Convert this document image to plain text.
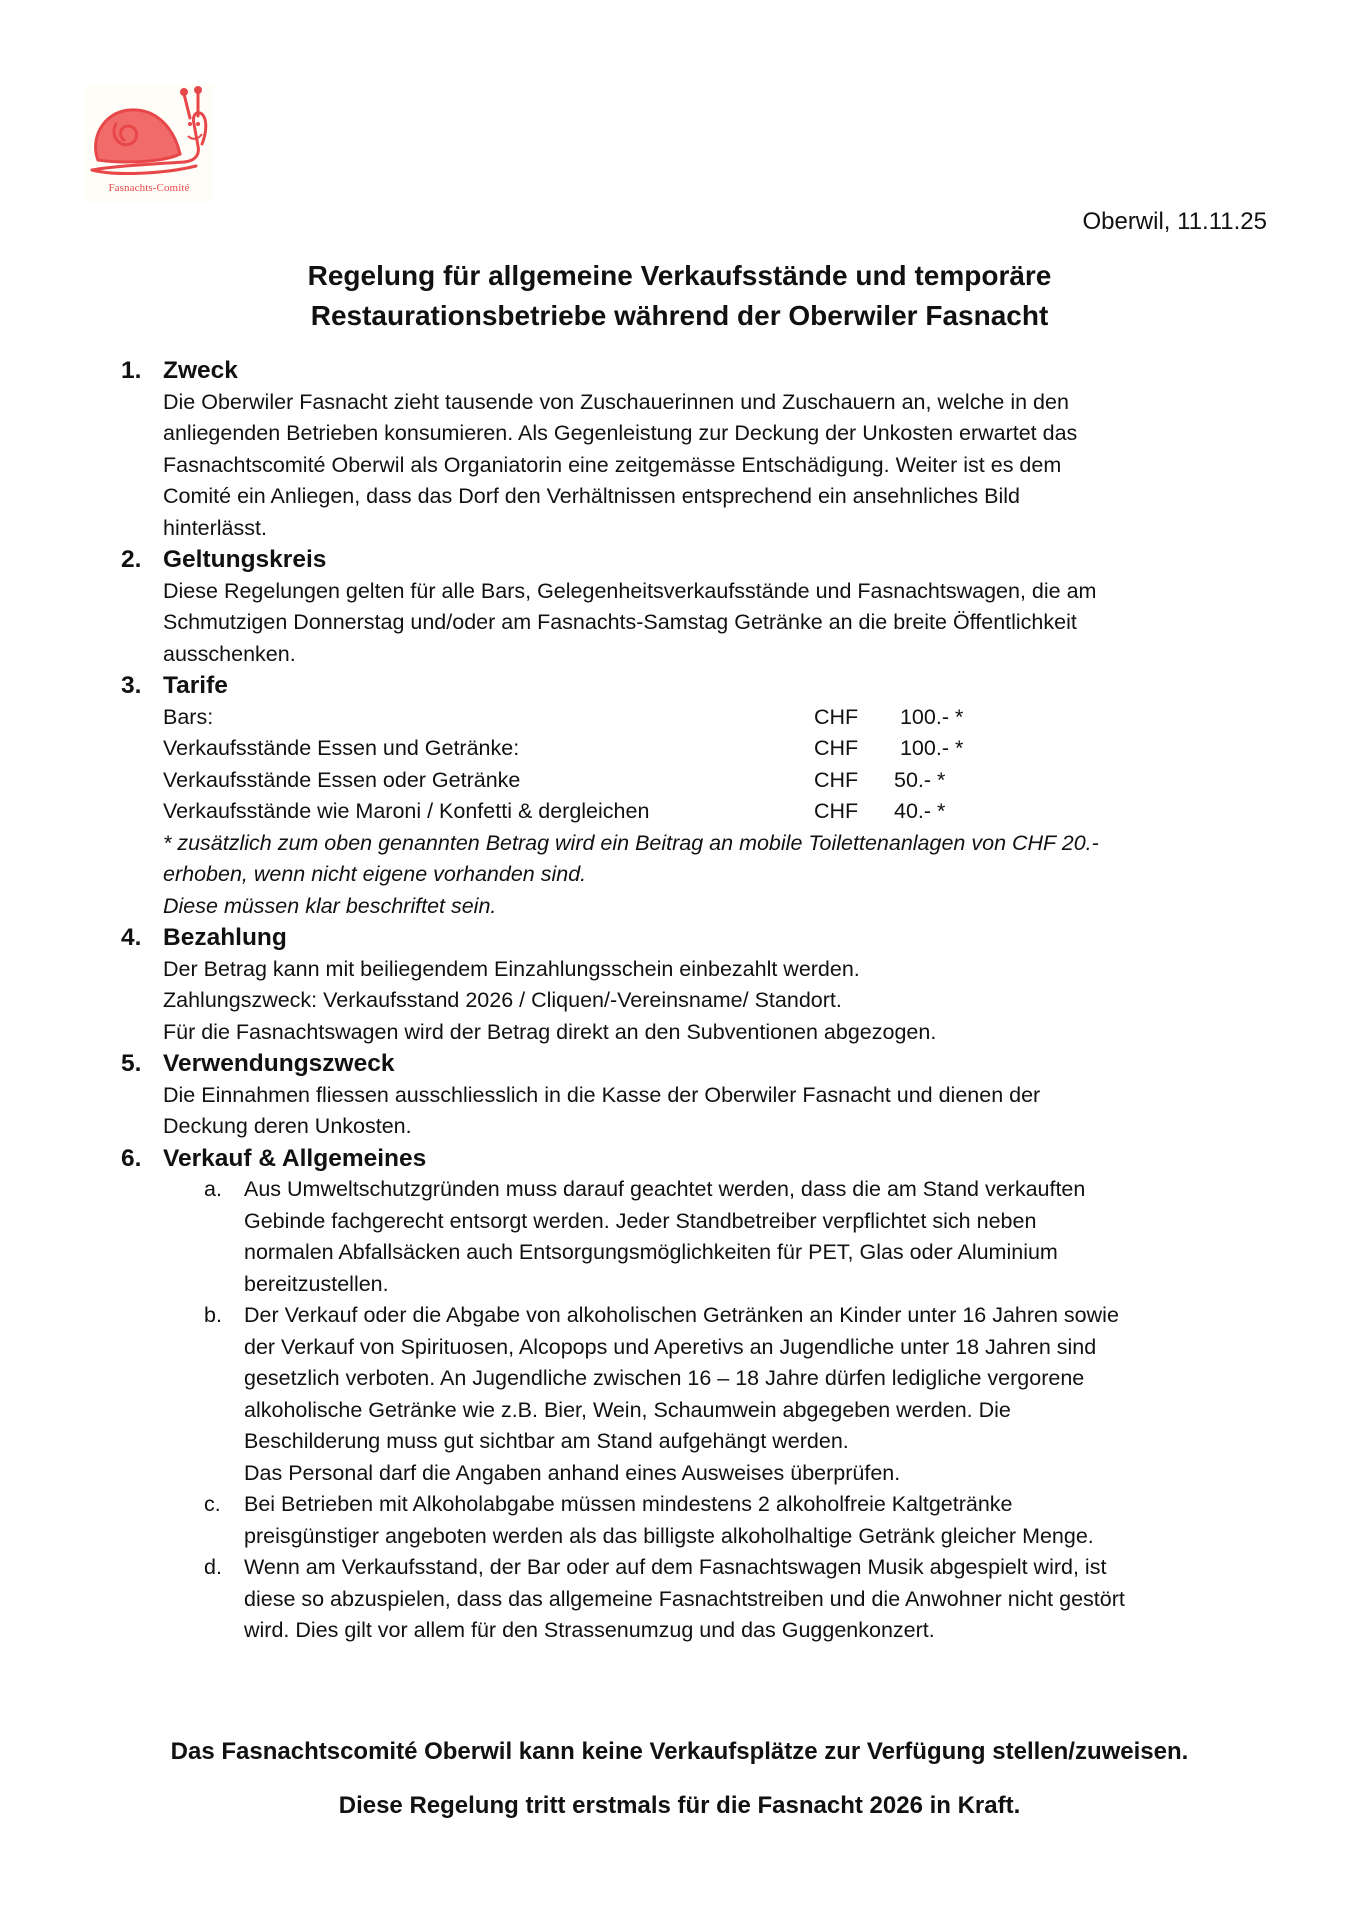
Fasnachts-Comité
Oberwil, 11.11.25
Regelung für allgemeine Verkaufsstände und temporäre
Restaurationsbetriebe während der Oberwiler Fasnacht
1. Zweck
Die Oberwiler Fasnacht zieht tausende von Zuschauerinnen und Zuschauern an, welche in den
anliegenden Betrieben konsumieren. Als Gegenleistung zur Deckung der Unkosten erwartet das
Fasnachtscomité Oberwil als Organiatorin eine zeitgemässe Entschädigung. Weiter ist es dem
Comité ein Anliegen, dass das Dorf den Verhältnissen entsprechend ein ansehnliches Bild
hinterlässt.
2. Geltungskreis
Diese Regelungen gelten für alle Bars, Gelegenheitsverkaufsstände und Fasnachtswagen, die am
Schmutzigen Donnerstag und/oder am Fasnachts-Samstag Getränke an die breite Öffentlichkeit
ausschenken.
3. Tarife
Bars:	CHF	100.- *
Verkaufsstände Essen und Getränke:	CHF	100.- *
Verkaufsstände Essen oder Getränke	CHF	50.- *
Verkaufsstände wie Maroni / Konfetti & dergleichen	CHF	40.- *
* zusätzlich zum oben genannten Betrag wird ein Beitrag an mobile Toilettenanlagen von CHF 20.-
erhoben, wenn nicht eigene vorhanden sind.
Diese müssen klar beschriftet sein.
4. Bezahlung
Der Betrag kann mit beiliegendem Einzahlungsschein einbezahlt werden.
Zahlungszweck: Verkaufsstand 2026 / Cliquen/-Vereinsname/ Standort.
Für die Fasnachtswagen wird der Betrag direkt an den Subventionen abgezogen.
5. Verwendungszweck
Die Einnahmen fliessen ausschliesslich in die Kasse der Oberwiler Fasnacht und dienen der
Deckung deren Unkosten.
6. Verkauf & Allgemeines
a.	Aus Umweltschutzgründen muss darauf geachtet werden, dass die am Stand verkauften
Gebinde fachgerecht entsorgt werden. Jeder Standbetreiber verpflichtet sich neben
normalen Abfallsäcken auch Entsorgungsmöglichkeiten für PET, Glas oder Aluminium
bereitzustellen.
b.	Der Verkauf oder die Abgabe von alkoholischen Getränken an Kinder unter 16 Jahren sowie
der Verkauf von Spirituosen, Alcopops und Aperetivs an Jugendliche unter 18 Jahren sind
gesetzlich verboten. An Jugendliche zwischen 16 – 18 Jahre dürfen ledigliche vergorene
alkoholische Getränke wie z.B. Bier, Wein, Schaumwein abgegeben werden. Die
Beschilderung muss gut sichtbar am Stand aufgehängt werden.
Das Personal darf die Angaben anhand eines Ausweises überprüfen.
c.	Bei Betrieben mit Alkoholabgabe müssen mindestens 2 alkoholfreie Kaltgetränke
preisgünstiger angeboten werden als das billigste alkoholhaltige Getränk gleicher Menge.
d.	Wenn am Verkaufsstand, der Bar oder auf dem Fasnachtswagen Musik abgespielt wird, ist
diese so abzuspielen, dass das allgemeine Fasnachtstreiben und die Anwohner nicht gestört
wird. Dies gilt vor allem für den Strassenumzug und das Guggenkonzert.
Das Fasnachtscomité Oberwil kann keine Verkaufsplätze zur Verfügung stellen/zuweisen.
Diese Regelung tritt erstmals für die Fasnacht 2026 in Kraft.
